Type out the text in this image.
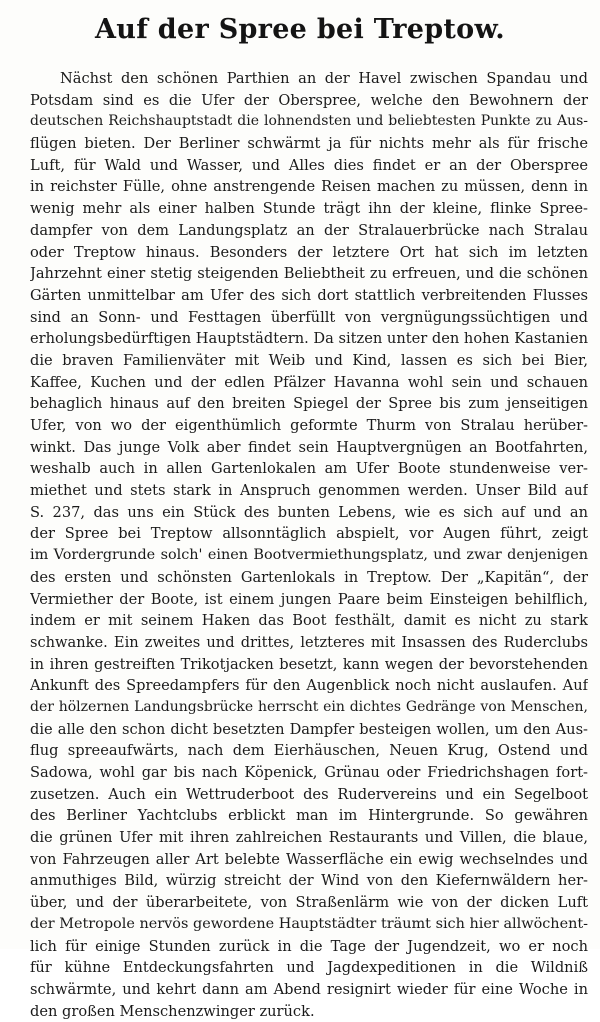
Auf der Spree bei Treptow.
Nächst den schönen Parthien an der Havel zwischen Spandau und
Potsdam sind es die Ufer der Oberspree, welche den Bewohnern der
deutschen Reichshauptstadt die lohnendsten und beliebtesten Punkte zu Aus-
flügen bieten. Der Berliner schwärmt ja für nichts mehr als für frische
Luft, für Wald und Wasser, und Alles dies findet er an der Oberspree
in reichster Fülle, ohne anstrengende Reisen machen zu müssen, denn in
wenig mehr als einer halben Stunde trägt ihn der kleine, flinke Spree-
dampfer von dem Landungsplatz an der Stralauerbrücke nach Stralau
oder Treptow hinaus. Besonders der letztere Ort hat sich im letzten
Jahrzehnt einer stetig steigenden Beliebtheit zu erfreuen, und die schönen
Gärten unmittelbar am Ufer des sich dort stattlich verbreitenden Flusses
sind an Sonn- und Festtagen überfüllt von vergnügungssüchtigen und
erholungsbedürftigen Hauptstädtern. Da sitzen unter den hohen Kastanien
die braven Familienväter mit Weib und Kind, lassen es sich bei Bier,
Kaffee, Kuchen und der edlen Pfälzer Havanna wohl sein und schauen
behaglich hinaus auf den breiten Spiegel der Spree bis zum jenseitigen
Ufer, von wo der eigenthümlich geformte Thurm von Stralau herüber-
winkt. Das junge Volk aber findet sein Hauptvergnügen an Bootfahrten,
weshalb auch in allen Gartenlokalen am Ufer Boote stundenweise ver-
miethet und stets stark in Anspruch genommen werden. Unser Bild auf
S. 237, das uns ein Stück des bunten Lebens, wie es sich auf und an
der Spree bei Treptow allsonntäglich abspielt, vor Augen führt, zeigt
im Vordergrunde solch' einen Bootvermiethungsplatz, und zwar denjenigen
des ersten und schönsten Gartenlokals in Treptow. Der „Kapitän“, der
Vermiether der Boote, ist einem jungen Paare beim Einsteigen behilflich,
indem er mit seinem Haken das Boot festhält, damit es nicht zu stark
schwanke. Ein zweites und drittes, letzteres mit Insassen des Ruderclubs
in ihren gestreiften Trikotjacken besetzt, kann wegen der bevorstehenden
Ankunft des Spreedampfers für den Augenblick noch nicht auslaufen. Auf
der hölzernen Landungsbrücke herrscht ein dichtes Gedränge von Menschen,
die alle den schon dicht besetzten Dampfer besteigen wollen, um den Aus-
flug spreeaufwärts, nach dem Eierhäuschen, Neuen Krug, Ostend und
Sadowa, wohl gar bis nach Köpenick, Grünau oder Friedrichshagen fort-
zusetzen. Auch ein Wettruderboot des Rudervereins und ein Segelboot
des Berliner Yachtclubs erblickt man im Hintergrunde. So gewähren
die grünen Ufer mit ihren zahlreichen Restaurants und Villen, die blaue,
von Fahrzeugen aller Art belebte Wasserfläche ein ewig wechselndes und
anmuthiges Bild, würzig streicht der Wind von den Kiefernwäldern her-
über, und der überarbeitete, von Straßenlärm wie von der dicken Luft
der Metropole nervös gewordene Hauptstädter träumt sich hier allwöchent-
lich für einige Stunden zurück in die Tage der Jugendzeit, wo er noch
für kühne Entdeckungsfahrten und Jagdexpeditionen in die Wildniß
schwärmte, und kehrt dann am Abend resignirt wieder für eine Woche in
den großen Menschenzwinger zurück.
